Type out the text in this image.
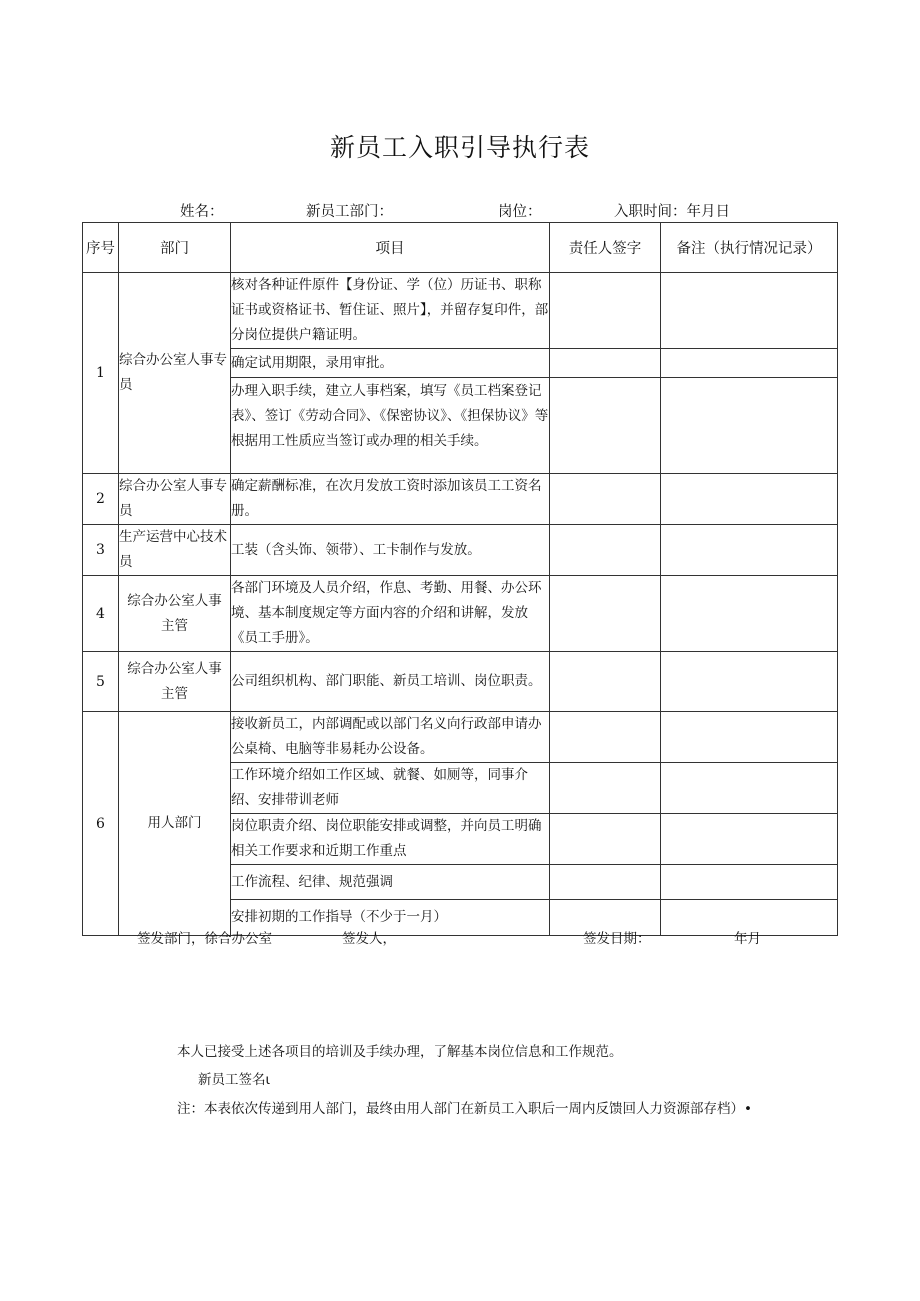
新员工入职引导执行表
姓名：	新员工部门：	岗位：	入职时间：年月日
序号	部门	项目	责任人签字	备注（执行情况记录）
1	综合办公室人事专员	核对各种证件原件【身份证、学（位）历证书、职称证书或资格证书、暂住证、照片】，并留存复印件，部分岗位提供户籍证明。		
		确定试用期限，录用审批。		
		办理入职手续，建立人事档案，填写《员工档案登记表》、签订《劳动合同》、《保密协议》、《担保协议》等根据用工性质应当签订或办理的相关手续。		
2	综合办公室人事专员	确定薪酬标准，在次月发放工资时添加该员工工资名册。		
3	生产运营中心技术员	工装（含头饰、领带）、工卡制作与发放。		
4	综合办公室人事主管	各部门环境及人员介绍，作息、考勤、用餐、办公环境、基本制度规定等方面内容的介绍和讲解，发放《员工手册》。		
5	综合办公室人事主管	公司组织机构、部门职能、新员工培训、岗位职责。		
6	用人部门	接收新员工，内部调配或以部门名义向行政部申请办公桌椅、电脑等非易耗办公设备。		
		工作环境介绍如工作区域、就餐、如厕等，同事介绍、安排带训老师		
		岗位职责介绍、岗位职能安排或调整，并向员工明确相关工作要求和近期工作重点		
		工作流程、纪律、规范强调		
		安排初期的工作指导（不少于一月）		
签发部门，徐合办公室	签发人，	签发日期：	年月
本人已接受上述各项目的培训及手续办理，了解基本岗位信息和工作规范。
新员工签名ι
注：本表依次传递到用人部门，最终由用人部门在新员工入职后一周内反馈回人力资源部存档）•
